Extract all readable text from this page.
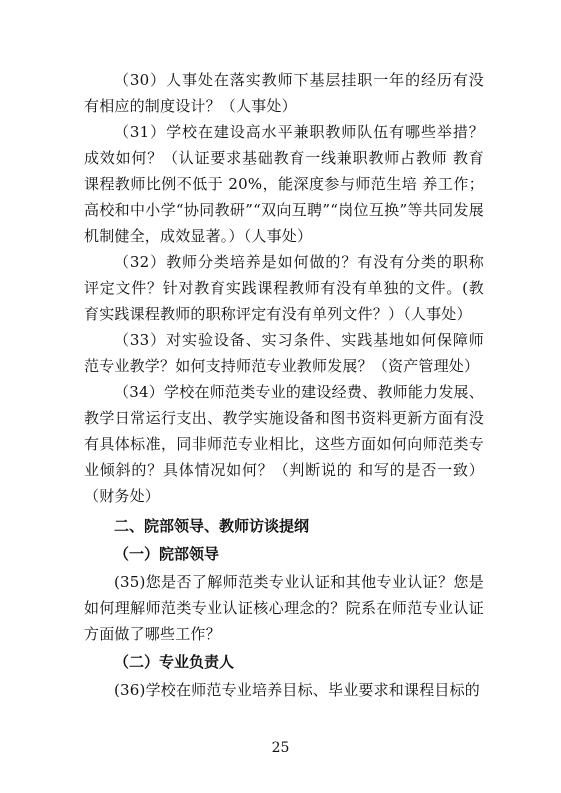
（30）人事处在落实教师下基层挂职一年的经历有没 有相应的制度设计？（人事处）

（31）学校在建设高水平兼职教师队伍有哪些举措？ 成效如何？（认证要求基础教育一线兼职教师占教师 教育课程教师比例不低于 20%，能深度参与师范生培 养工作；高校和中小学“协同教研”“双向互聘”“岗位互换”等共同发展机制健全，成效显著。）（人事处）

（32）教师分类培养是如何做的？有没有分类的职称 评定文件？针对教育实践课程教师有没有单独的文件。(教育实践课程教师的职称评定有没有单列文件？）（人事处）

（33）对实验设备、实习条件、实践基地如何保障师 范专业教学？如何支持师范专业教师发展？（资产管理处）

（34）学校在师范类专业的建设经费、教师能力发展、 教学日常运行支出、教学实施设备和图书资料更新方面有没有具体标准，同非师范专业相比，这些方面如何向师范类专业倾斜的？具体情况如何？（判断说的 和写的是否一致）（财务处）

二、院部领导、教师访谈提纲

（一）院部领导

(35)您是否了解师范类专业认证和其他专业认证？您是如何理解师范类专业认证核心理念的？院系在师范专业认证方面做了哪些工作？

（二）专业负责人

(36)学校在师范专业培养目标、毕业要求和课程目标的

25
